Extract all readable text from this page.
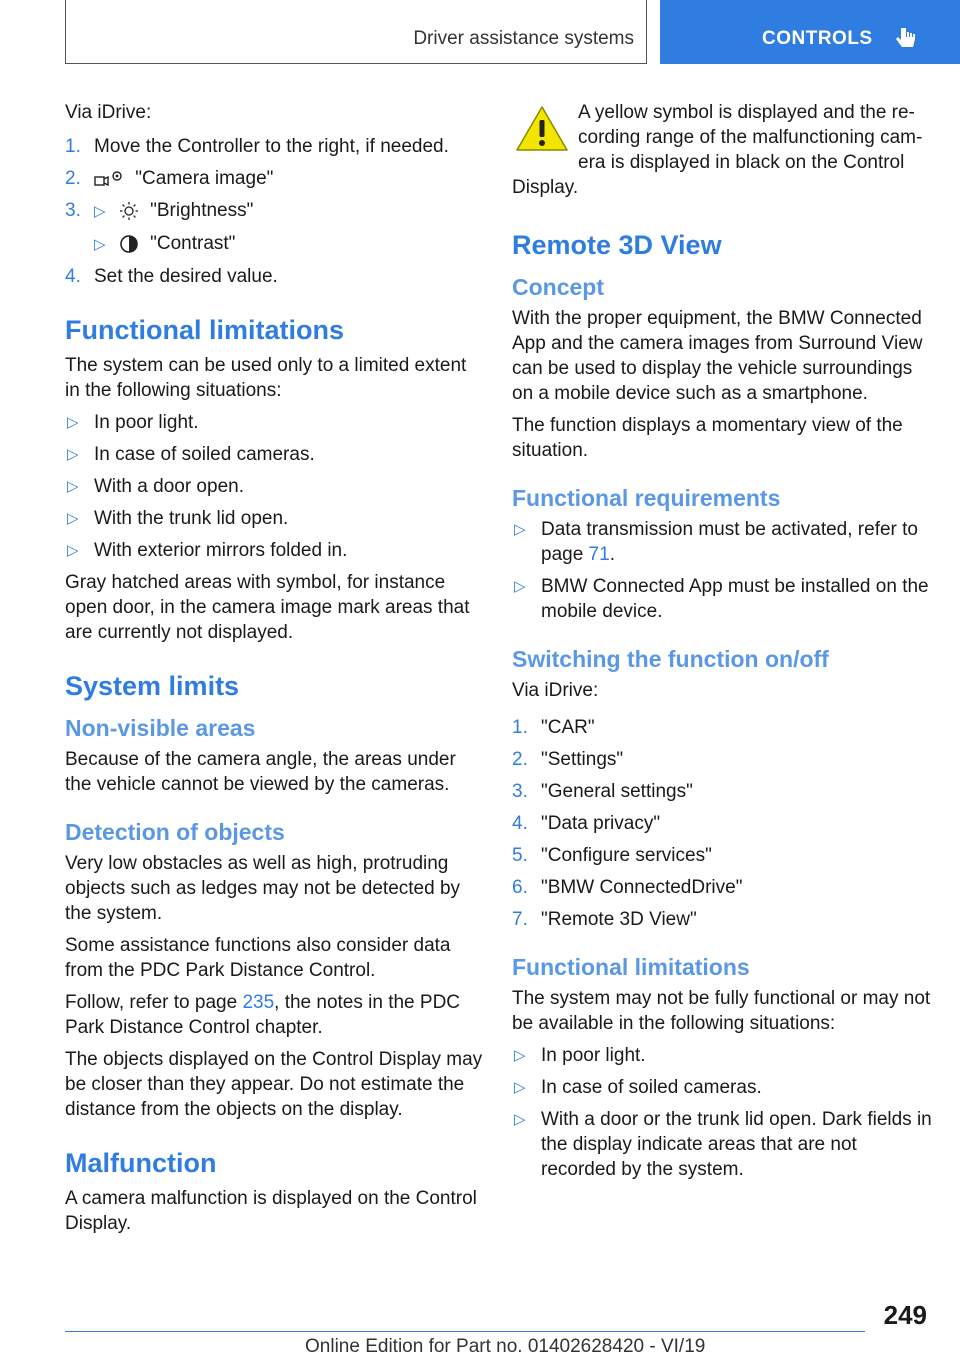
Driver assistance systems	CONTROLS

Via iDrive:

1. Move the Controller to the right, if needed.
2.	"Camera image"
3. ▷ "Brightness"
▷ "Contrast"
4. Set the desired value.
Functional limitations

The system can be used only to a limited extent in the following situations:

▷ In poor light.
▷ In case of soiled cameras.
▷ With a door open.
▷ With the trunk lid open.
▷ With exterior mirrors folded in.

Gray hatched areas with symbol, for instance open door, in the camera image mark areas that are currently not displayed.

System limits
Non-visible areas

Because of the camera angle, the areas under the vehicle cannot be viewed by the cameras.

Detection of objects

Very low obstacles as well as high, protruding objects such as ledges may not be detected by the system.

Some assistance functions also consider data from the PDC Park Distance Control.

Follow, refer to page 235, the notes in the PDC Park Distance Control chapter.

The objects displayed on the Control Display may be closer than they appear. Do not estimate the distance from the objects on the display.

Malfunction

A camera malfunction is displayed on the Control Display.

A yellow symbol is displayed and the re-
cording range of the malfunctioning cam-
era is displayed in black on the Control
Display.
Remote 3D View
Concept

With the proper equipment, the BMW Connected App and the camera images from Surround View can be used to display the vehicle surroundings on a mobile device such as a smartphone.

The function displays a momentary view of the situation.

Functional requirements
▷ Data transmission must be activated, refer to page 71.
▷ BMW Connected App must be installed on the mobile device.
Switching the function on/off

Via iDrive:

1. "CAR"
2. "Settings"
3. "General settings"
4. "Data privacy"
5. "Configure services"
6. "BMW ConnectedDrive"
7. "Remote 3D View"
Functional limitations

The system may not be fully functional or may not be available in the following situations:

▷ In poor light.
▷ In case of soiled cameras.
▷ With a door or the trunk lid open. Dark fields in the display indicate areas that are not recorded by the system.
249
Online Edition for Part no. 01402628420 - VI/19
